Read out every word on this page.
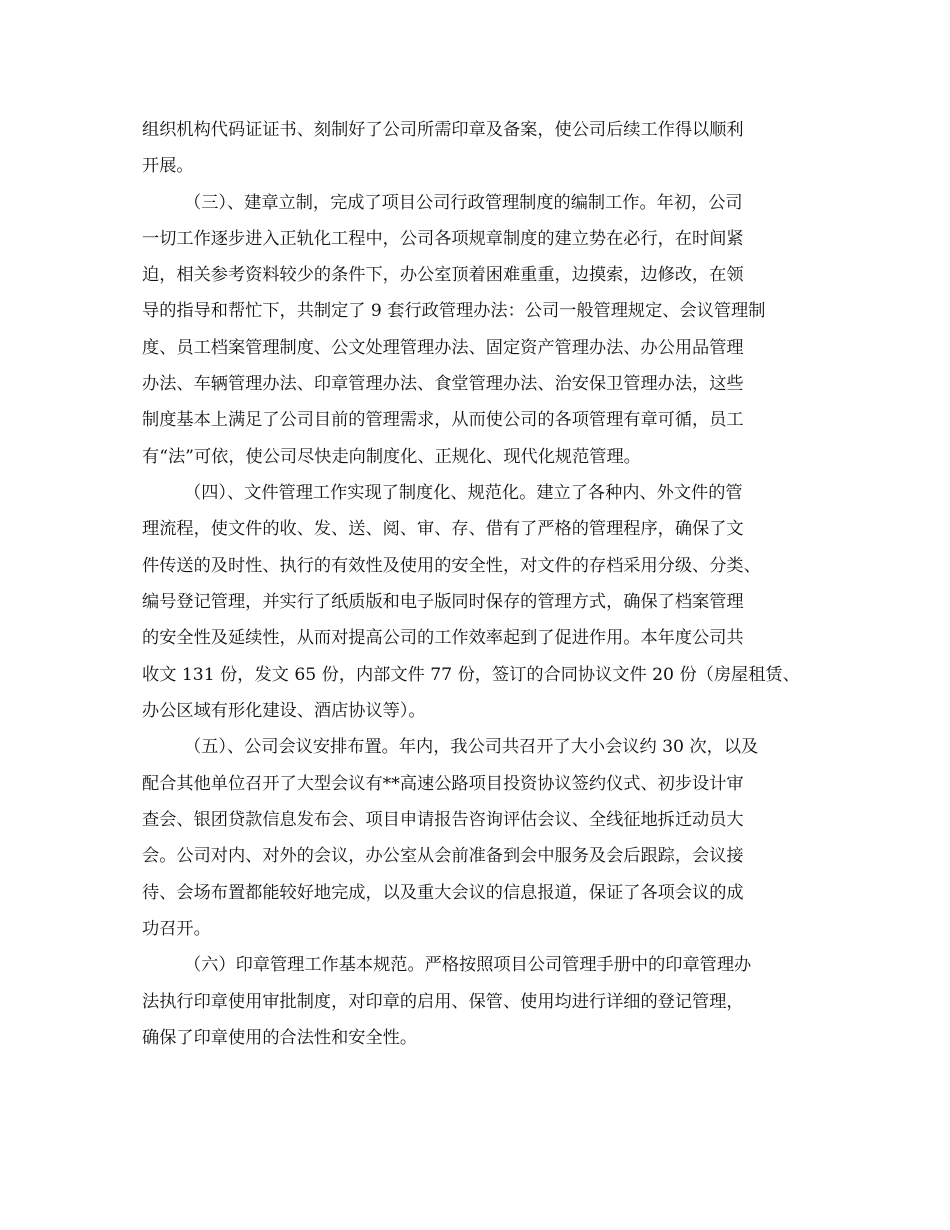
组织机构代码证证书、刻制好了公司所需印章及备案，使公司后续工作得以顺利
开展。
（三）、建章立制，完成了项目公司行政管理制度的编制工作。年初，公司
一切工作逐步进入正轨化工程中，公司各项规章制度的建立势在必行，在时间紧
迫，相关参考资料较少的条件下，办公室顶着困难重重，边摸索，边修改，在领
导的指导和帮忙下，共制定了 9 套行政管理办法：公司一般管理规定、会议管理制
度、员工档案管理制度、公文处理管理办法、固定资产管理办法、办公用品管理
办法、车辆管理办法、印章管理办法、食堂管理办法、治安保卫管理办法，这些
制度基本上满足了公司目前的管理需求，从而使公司的各项管理有章可循，员工
有“法”可依，使公司尽快走向制度化、正规化、现代化规范管理。
（四）、文件管理工作实现了制度化、规范化。建立了各种内、外文件的管
理流程，使文件的收、发、送、阅、审、存、借有了严格的管理程序，确保了文
件传送的及时性、执行的有效性及使用的安全性，对文件的存档采用分级、分类、
编号登记管理，并实行了纸质版和电子版同时保存的管理方式，确保了档案管理
的安全性及延续性，从而对提高公司的工作效率起到了促进作用。本年度公司共
收文 131 份，发文 65 份，内部文件 77 份，签订的合同协议文件 20 份（房屋租赁、
办公区域有形化建设、酒店协议等）。
（五）、公司会议安排布置。年内，我公司共召开了大小会议约 30 次，以及
配合其他单位召开了大型会议有**高速公路项目投资协议签约仪式、初步设计审
查会、银团贷款信息发布会、项目申请报告咨询评估会议、全线征地拆迁动员大
会。公司对内、对外的会议，办公室从会前准备到会中服务及会后跟踪，会议接
待、会场布置都能较好地完成，以及重大会议的信息报道，保证了各项会议的成
功召开。
（六）印章管理工作基本规范。严格按照项目公司管理手册中的印章管理办
法执行印章使用审批制度，对印章的启用、保管、使用均进行详细的登记管理，
确保了印章使用的合法性和安全性。
